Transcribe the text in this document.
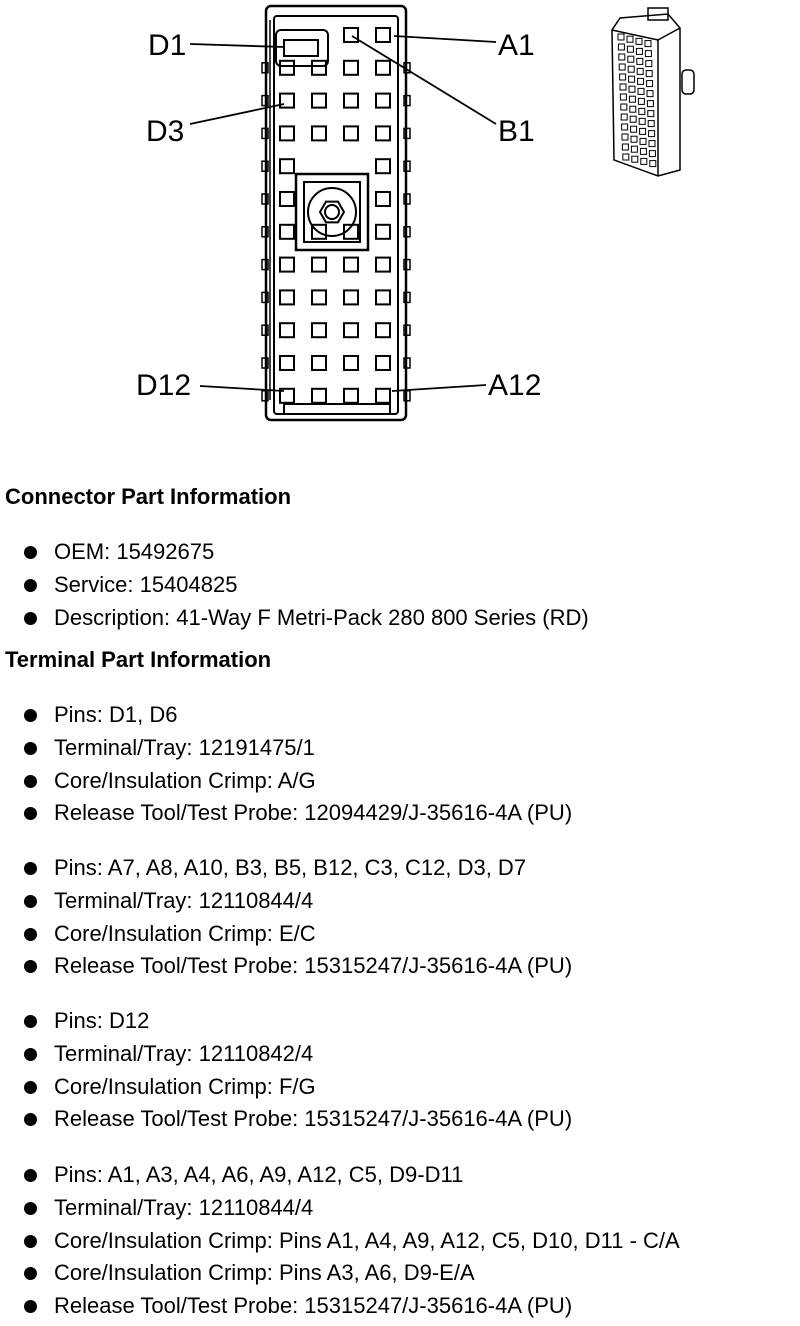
D1
D3
A1
B1
D12	A12
Connector Part Information
OEM: 15492675
Service: 15404825
Description: 41-Way F Metri-Pack 280 800 Series (RD)
Terminal Part Information
Pins: D1, D6
Terminal/Tray: 12191475/1
Core/Insulation Crimp: A/G
Release Tool/Test Probe: 12094429/J-35616-4A (PU)
Pins: A7, A8, A10, B3, B5, B12, C3, C12, D3, D7
Terminal/Tray: 12110844/4
Core/Insulation Crimp: E/C
Release Tool/Test Probe: 15315247/J-35616-4A (PU)
Pins: D12
Terminal/Tray: 12110842/4
Core/Insulation Crimp: F/G
Release Tool/Test Probe: 15315247/J-35616-4A (PU)
Pins: A1, A3, A4, A6, A9, A12, C5, D9-D11
Terminal/Tray: 12110844/4
Core/Insulation Crimp: Pins A1, A4, A9, A12, C5, D10, D11 - C/A
Core/Insulation Crimp: Pins A3, A6, D9-E/A
Release Tool/Test Probe: 15315247/J-35616-4A (PU)
